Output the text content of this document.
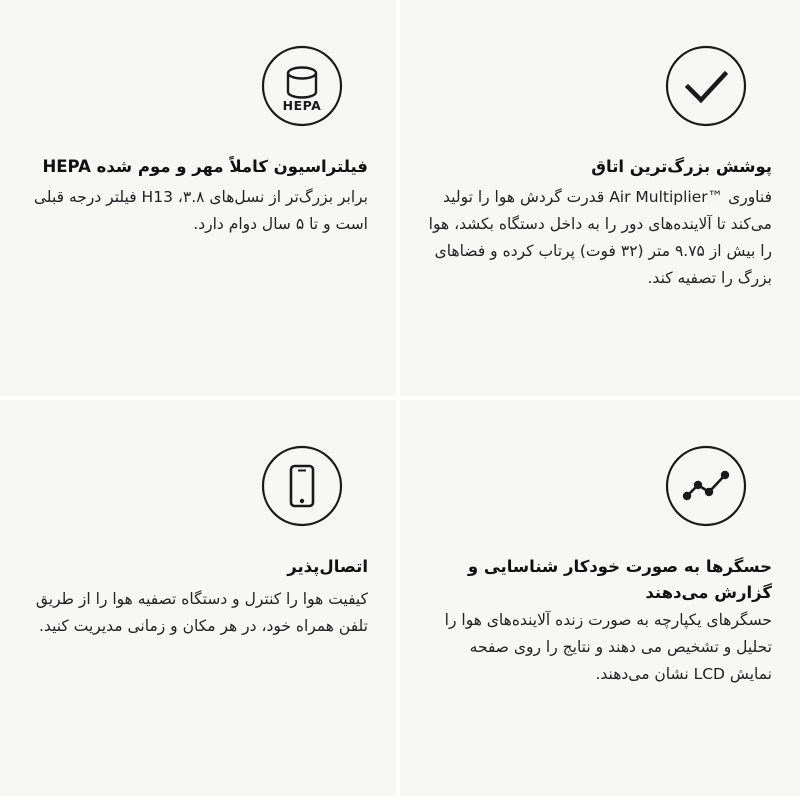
پوشش بزرگ‌ترین اتاق

فناوری ™Air Multiplier قدرت گردش هوا را تولید می‌کند تا آلاینده‌های دور را به داخل دستگاه بکشد، هوا را بیش از ۹.۷۵ متر (۳۲ فوت) پرتاب کرده و فضاهای بزرگ را تصفیه کند.

HEPA

فیلتراسیون کاملاً مهر و موم شده HEPA

برابر بزرگ‌تر از نسل‌های ۳.۸، H13 فیلتر درجه قبلی است و تا ۵ سال دوام دارد.

حسگرها به صورت خودکار شناسایی و گزارش می‌دهند

حسگرهای یکپارچه به صورت زنده آلاینده‌های هوا را تحلیل و تشخیص می دهند و نتایج را روی صفحه نمایش LCD نشان می‌دهند.

اتصال‌پذیر

کیفیت هوا را کنترل و دستگاه تصفیه هوا را از طریق تلفن همراه خود، در هر مکان و زمانی مدیریت کنید.
